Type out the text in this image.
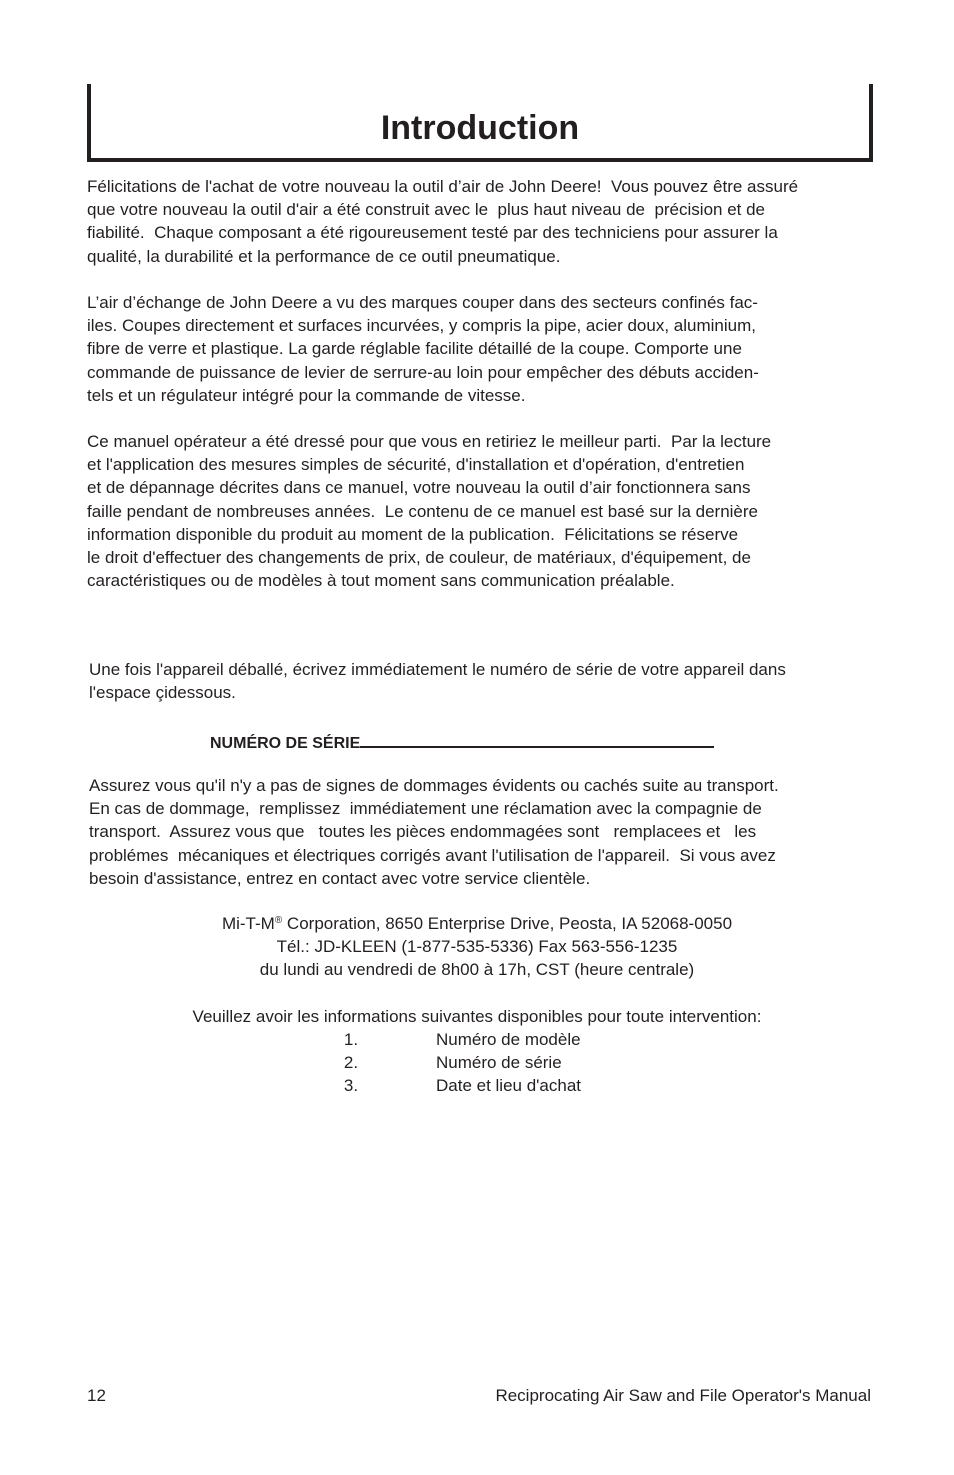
Introduction

Félicitations de l'achat de votre nouveau la outil d’air de John Deere!  Vous pouvez être assuré
que votre nouveau la outil d'air a été construit avec le  plus haut niveau de  précision et de
fiabilité.  Chaque composant a été rigoureusement testé par des techniciens pour assurer la
qualité, la durabilité et la performance de ce outil pneumatique.

L’air d’échange de John Deere a vu des marques couper dans des secteurs confinés fac-
iles. Coupes directement et surfaces incurvées, y compris la pipe, acier doux, aluminium,
fibre de verre et plastique. La garde réglable facilite détaillé de la coupe. Comporte une
commande de puissance de levier de serrure-au loin pour empêcher des débuts acciden-
tels et un régulateur intégré pour la commande de vitesse.

Ce manuel opérateur a été dressé pour que vous en retiriez le meilleur parti.  Par la lecture
et l'application des mesures simples de sécurité, d'installation et d'opération, d'entretien
et de dépannage décrites dans ce manuel, votre nouveau la outil d’air fonctionnera sans
faille pendant de nombreuses années.  Le contenu de ce manuel est basé sur la dernière
information disponible du produit au moment de la publication.  Félicitations se réserve
le droit d'effectuer des changements de prix, de couleur, de matériaux, d'équipement, de
caractéristiques ou de modèles à tout moment sans communication préalable.

Une fois l'appareil déballé, écrivez immédiatement le numéro de série de votre appareil dans
l'espace çidessous.

NUMÉRO DE SÉRIE

Assurez vous qu'il n'y a pas de signes de dommages évidents ou cachés suite au transport.
En cas de dommage,  remplissez  immédiatement une réclamation avec la compagnie de
transport.  Assurez vous que   toutes les pièces endommagées sont   remplacees et   les
problémes  mécaniques et électriques corrigés avant l'utilisation de l'appareil.  Si vous avez
besoin d'assistance, entrez en contact avec votre service clientèle.

Mi-T-M® Corporation, 8650 Enterprise Drive, Peosta, IA 52068-0050
Tél.: JD-KLEEN (1-877-535-5336) Fax 563-556-1235
du lundi au vendredi de 8h00 à 17h, CST (heure centrale)
Veuillez avoir les informations suivantes disponibles pour toute intervention:
1.	Numéro de modèle
2.	Numéro de série
3.	Date et lieu d'achat
12	Reciprocating Air Saw and File Operator's Manual
